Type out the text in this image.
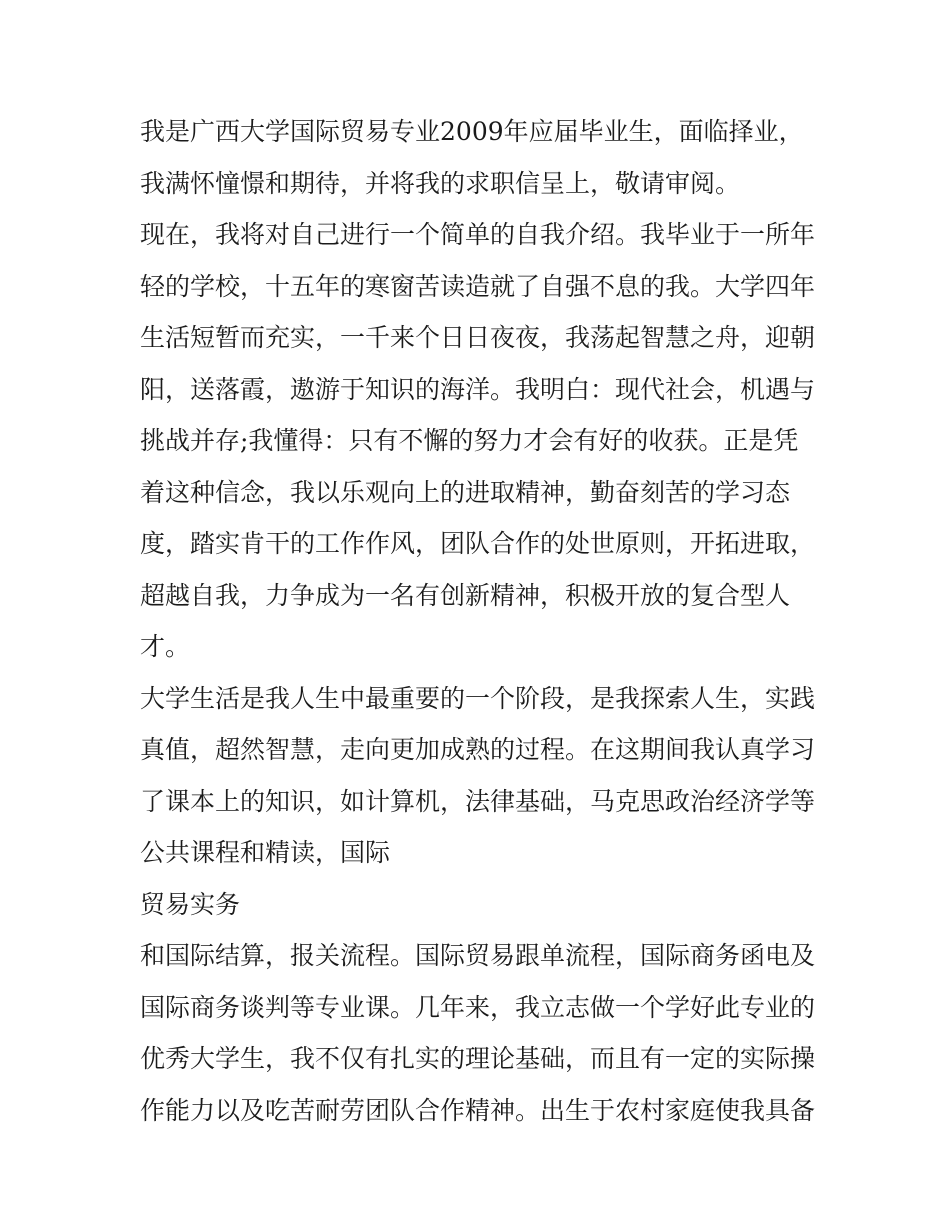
我是广西大学国际贸易专业2009年应届毕业生，面临择业，
我满怀憧憬和期待，并将我的求职信呈上，敬请审阅。
现在，我将对自己进行一个简单的自我介绍。我毕业于一所年
轻的学校，十五年的寒窗苦读造就了自强不息的我。大学四年
生活短暂而充实，一千来个日日夜夜，我荡起智慧之舟，迎朝
阳，送落霞，遨游于知识的海洋。我明白：现代社会，机遇与
挑战并存;我懂得：只有不懈的努力才会有好的收获。正是凭
着这种信念，我以乐观向上的进取精神，勤奋刻苦的学习态
度，踏实肯干的工作作风，团队合作的处世原则，开拓进取，
超越自我，力争成为一名有创新精神，积极开放的复合型人
才。
大学生活是我人生中最重要的一个阶段，是我探索人生，实践
真值，超然智慧，走向更加成熟的过程。在这期间我认真学习
了课本上的知识，如计算机，法律基础，马克思政治经济学等
公共课程和精读，国际
贸易实务
和国际结算，报关流程。国际贸易跟单流程，国际商务函电及
国际商务谈判等专业课。几年来，我立志做一个学好此专业的
优秀大学生，我不仅有扎实的理论基础，而且有一定的实际操
作能力以及吃苦耐劳团队合作精神。出生于农村家庭使我具备
